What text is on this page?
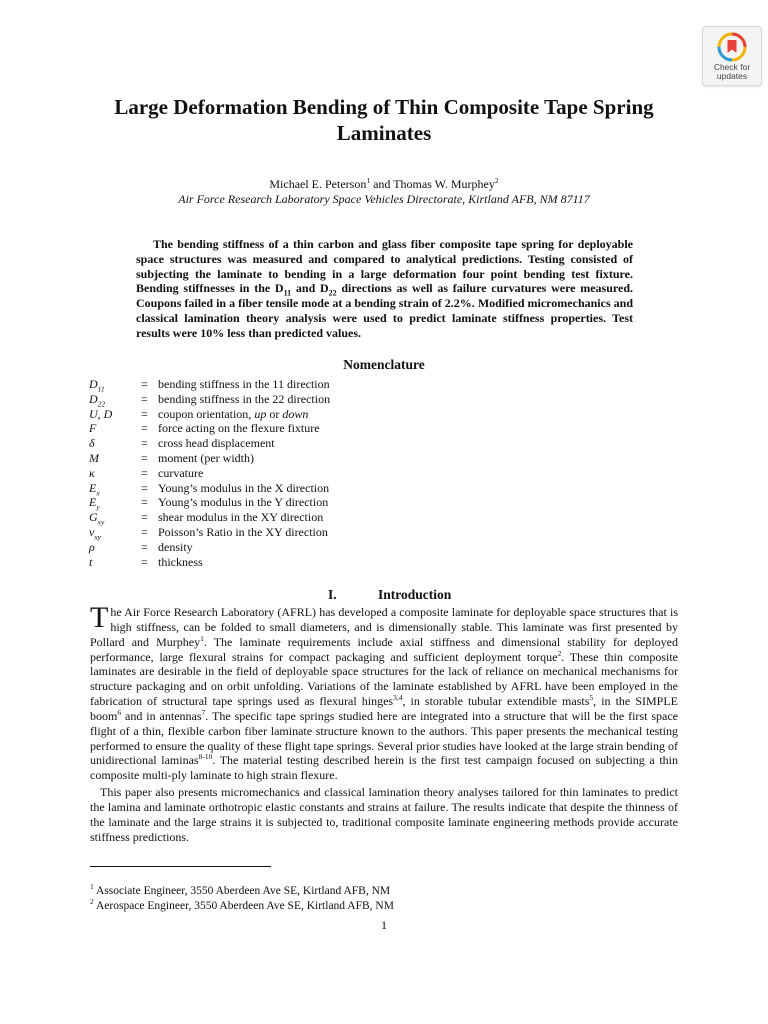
Check for
updates
Large Deformation Bending of Thin Composite Tape Spring
Laminates
Michael E. Peterson$^1$ and Thomas W. Murphey$^2$
Air Force Research Laboratory Space Vehicles Directorate, Kirtland AFB, NM 87117

The bending stiffness of a thin carbon and glass fiber composite tape spring for deployable space structures was measured and compared to analytical predictions. Testing consisted of subjecting the laminate to bending in a large deformation four point bending test fixture. Bending stiffnesses in the $D_{11}$ and $D_{22}$ directions as well as failure curvatures were measured. Coupons failed in a fiber tensile mode at a bending strain of 2.2%. Modified micromechanics and classical lamination theory analysis were used to predict laminate stiffness properties. Test results were 10% less than predicted values.

Nomenclature
$D_{11}$	= bending stiffness in the 11 direction
$D_{22}$	= bending stiffness in the 22 direction
U, D = coupon orientation, up or down
F	= force acting on the flexure fixture
δ	= cross head displacement
M	= moment (per width)
κ	= curvature
$E_x$	= Young’s modulus in the X direction
$E_y$	= Young’s modulus in the Y direction
$G_{xy}$	= shear modulus in the XY direction
$v_{xy}$	= Poisson’s Ratio in the XY direction
ρ	= density
t	= thickness
I.	Introduction

The Air Force Research Laboratory (AFRL) has developed a composite laminate for deployable space structures that is high stiffness, can be folded to small diameters, and is dimensionally stable. This laminate was first presented by Pollard and Murphey$^1$. The laminate requirements include axial stiffness and dimensional stability for deployed performance, large flexural strains for compact packaging and sufficient deployment torque$^2$. These thin composite laminates are desirable in the field of deployable space structures for the lack of reliance on mechanical mechanisms for structure packaging and on orbit unfolding. Variations of the laminate established by AFRL have been employed in the fabrication of structural tape springs used as flexural hinges$^{3,4}$, in storable tubular extendible masts$^5$, in the SIMPLE boom$^6$ and in antennas$^7$. The specific tape springs studied here are integrated into a structure that will be the first space flight of a thin, flexible carbon fiber laminate structure known to the authors. This paper presents the mechanical testing performed to ensure the quality of these flight tape springs. Several prior studies have looked at the large strain bending of unidirectional laminas$^{8-10}$. The material testing described herein is the first test campaign focused on subjecting a thin composite multi-ply laminate to high strain flexure.

This paper also presents micromechanics and classical lamination theory analyses tailored for thin laminates to predict the lamina and laminate orthotropic elastic constants and strains at failure. The results indicate that despite the thinness of the laminate and the large strains it is subjected to, traditional composite laminate engineering methods provide accurate stiffness predictions.

$^1$ Associate Engineer, 3550 Aberdeen Ave SE, Kirtland AFB, NM
$^2$ Aerospace Engineer, 3550 Aberdeen Ave SE, Kirtland AFB, NM
1
